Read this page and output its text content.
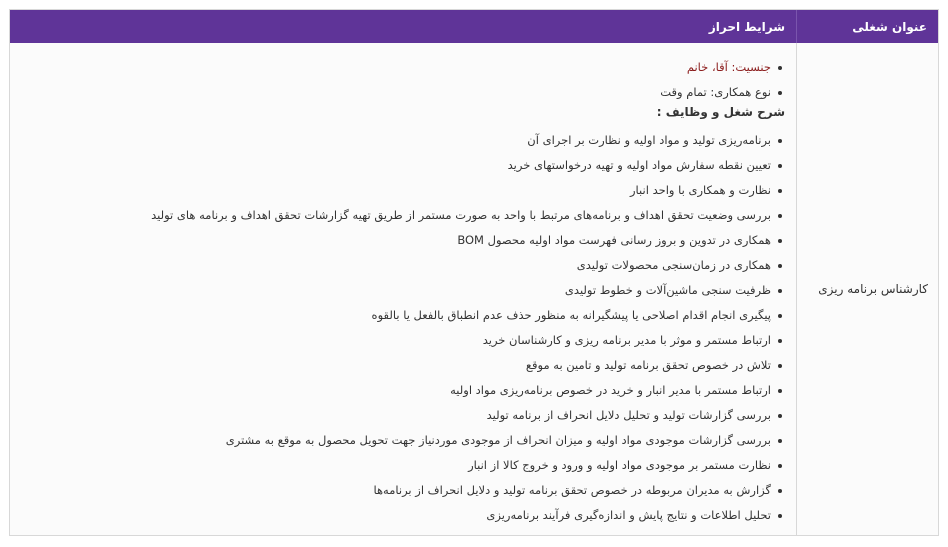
عنوان شغلی
شرایط احراز
کارشناس برنامه ریزی
جنسیت: آقا، خانم
نوع همکاری: تمام وقت
شرح شغل و وظایف :
برنامه‌ریزی تولید و مواد اولیه و نظارت بر اجرای آن
تعیین نقطه سفارش مواد اولیه و تهیه درخواستهای خرید
نظارت و همکاری با واحد انبار
بررسی وضعیت تحقق اهداف و برنامه‌های مرتبط با واحد به صورت مستمر از طریق تهیه گزارشات تحقق اهداف و برنامه های تولید
همکاری در تدوین و بروز رسانی فهرست مواد اولیه محصول BOM
همکاری در زمان‌سنجی محصولات تولیدی
ظرفیت سنجی ماشین‌آلات و خطوط تولیدی
پیگیری انجام اقدام اصلاحی یا پیشگیرانه به منظور حذف عدم انطباق بالفعل یا بالقوه
ارتباط مستمر و موثر با مدیر برنامه ریزی و کارشناسان خرید
تلاش در خصوص تحقق برنامه تولید و تامین به موقع
ارتباط مستمر با مدیر انبار و خرید در خصوص برنامه‌ریزی مواد اولیه
بررسی گزارشات تولید و تحلیل دلایل انحراف از برنامه تولید
بررسی گزارشات موجودی مواد اولیه و میزان انحراف از موجودی موردنیاز جهت تحویل محصول به موقع به مشتری
نظارت مستمر بر موجودی مواد اولیه و ورود و خروج کالا از انبار
گزارش به مدیران مربوطه در خصوص تحقق برنامه تولید و دلایل انحراف از برنامه‌ها
تحلیل اطلاعات و نتایج پایش و اندازه‌گیری فرآیند برنامه‌ریزی
